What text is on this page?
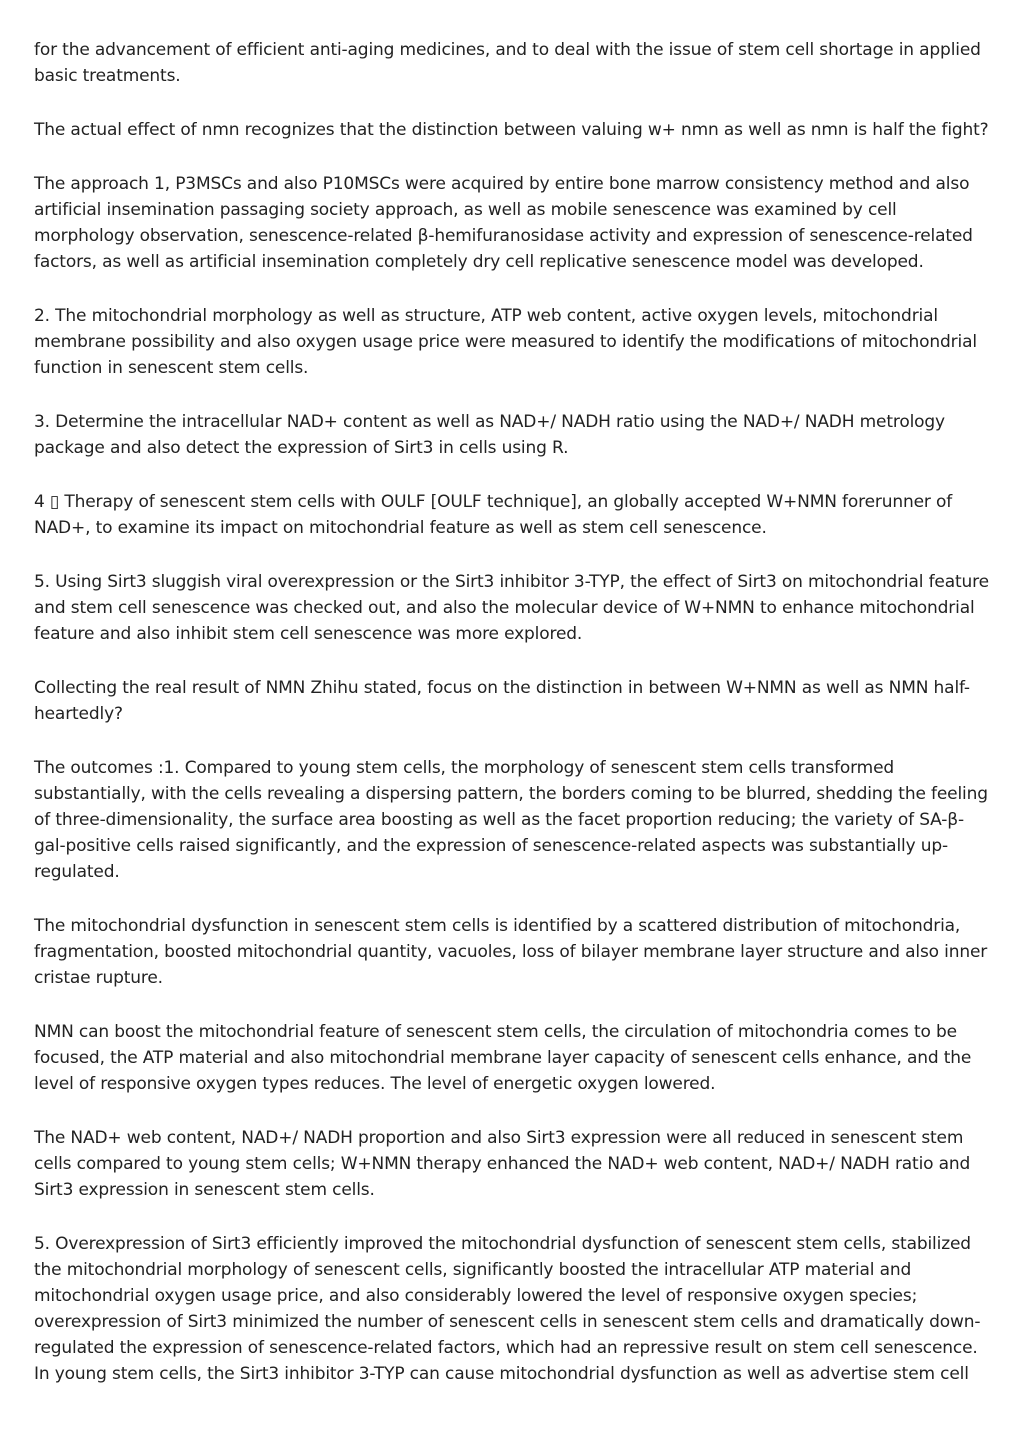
for the advancement of efficient anti-aging medicines, and to deal with the issue of stem cell shortage in applied basic treatments.

The actual effect of nmn recognizes that the distinction between valuing w+ nmn as well as nmn is half the fight?

The approach 1, P3MSCs and also P10MSCs were acquired by entire bone marrow consistency method and also artificial insemination passaging society approach, as well as mobile senescence was examined by cell morphology observation, senescence-related β-hemifuranosidase activity and expression of senescence-related factors, as well as artificial insemination completely dry cell replicative senescence model was developed.

2. The mitochondrial morphology as well as structure, ATP web content, active oxygen levels, mitochondrial membrane possibility and also oxygen usage price were measured to identify the modifications of mitochondrial function in senescent stem cells.

3. Determine the intracellular NAD+ content as well as NAD+/ NADH ratio using the NAD+/ NADH metrology package and also detect the expression of Sirt3 in cells using R.

4 ▯ Therapy of senescent stem cells with OULF [OULF technique], an globally accepted W+NMN forerunner of NAD+, to examine its impact on mitochondrial feature as well as stem cell senescence.

5. Using Sirt3 sluggish viral overexpression or the Sirt3 inhibitor 3-TYP, the effect of Sirt3 on mitochondrial feature and stem cell senescence was checked out, and also the molecular device of W+NMN to enhance mitochondrial feature and also inhibit stem cell senescence was more explored.

Collecting the real result of NMN Zhihu stated, focus on the distinction in between W+NMN as well as NMN half-heartedly?

The outcomes :1. Compared to young stem cells, the morphology of senescent stem cells transformed substantially, with the cells revealing a dispersing pattern, the borders coming to be blurred, shedding the feeling of three-dimensionality, the surface area boosting as well as the facet proportion reducing; the variety of SA-β-gal-positive cells raised significantly, and the expression of senescence-related aspects was substantially up-regulated.

The mitochondrial dysfunction in senescent stem cells is identified by a scattered distribution of mitochondria, fragmentation, boosted mitochondrial quantity, vacuoles, loss of bilayer membrane layer structure and also inner cristae rupture.

NMN can boost the mitochondrial feature of senescent stem cells, the circulation of mitochondria comes to be focused, the ATP material and also mitochondrial membrane layer capacity of senescent cells enhance, and the level of responsive oxygen types reduces. The level of energetic oxygen lowered.

The NAD+ web content, NAD+/ NADH proportion and also Sirt3 expression were all reduced in senescent stem cells compared to young stem cells; W+NMN therapy enhanced the NAD+ web content, NAD+/ NADH ratio and Sirt3 expression in senescent stem cells.

5. Overexpression of Sirt3 efficiently improved the mitochondrial dysfunction of senescent stem cells, stabilized the mitochondrial morphology of senescent cells, significantly boosted the intracellular ATP material and mitochondrial oxygen usage price, and also considerably lowered the level of responsive oxygen species; overexpression of Sirt3 minimized the number of senescent cells in senescent stem cells and dramatically down-regulated the expression of senescence-related factors, which had an repressive result on stem cell senescence. In young stem cells, the Sirt3 inhibitor 3-TYP can cause mitochondrial dysfunction as well as advertise stem cell
